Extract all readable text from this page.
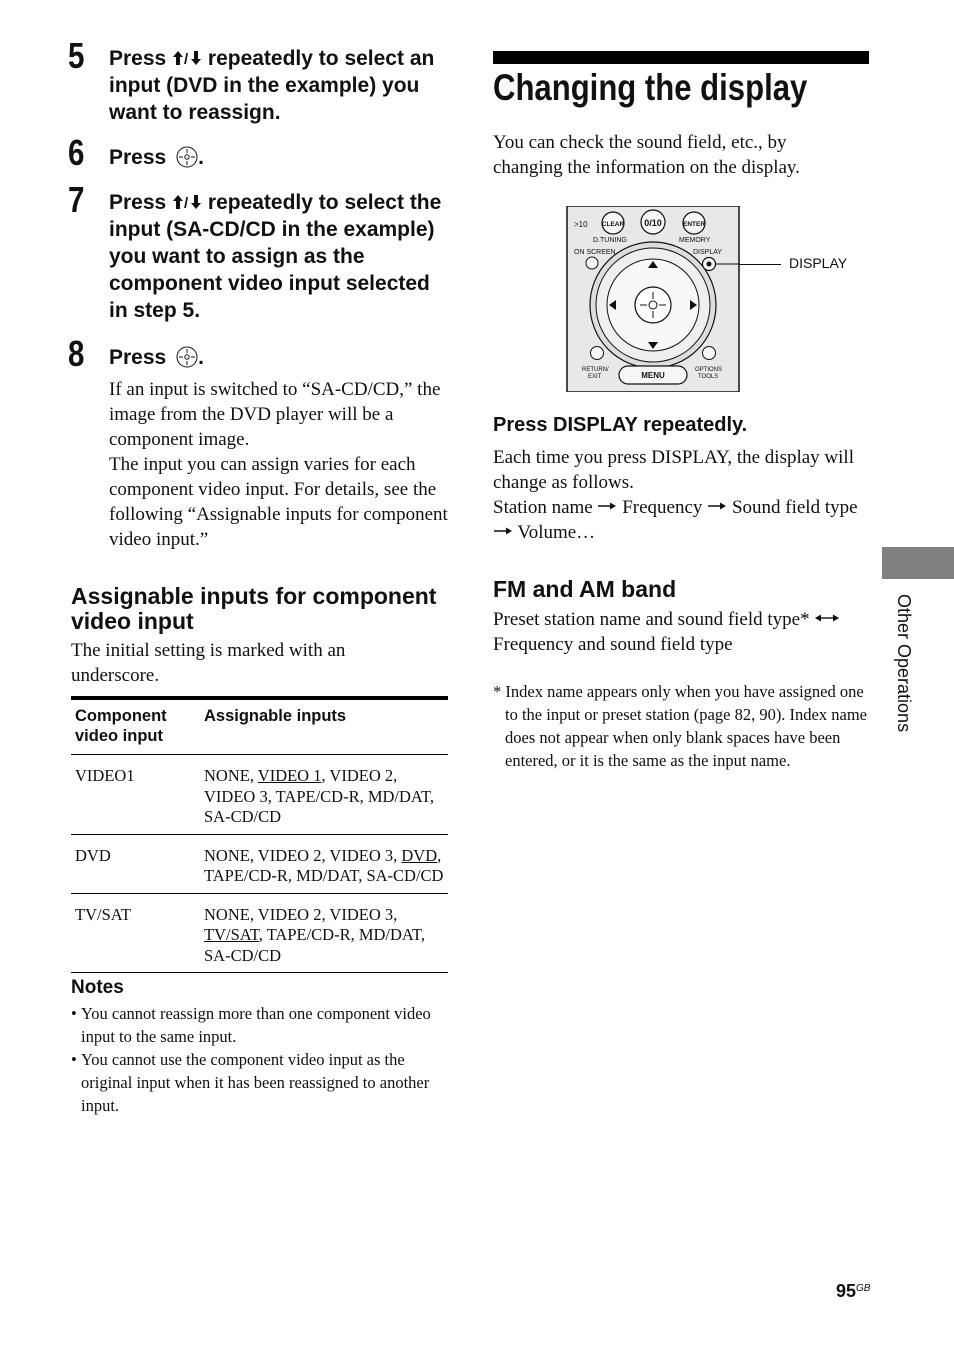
5 Press / repeatedly to select an input (DVD in the example) you want to reassign.
6 Press .
7 Press / repeatedly to select the input (SA-CD/CD in the example) you want to assign as the component video input selected in step 5.
8 Press .
If an input is switched to “SA-CD/CD,” the image from the DVD player will be a component image.
The input you can assign varies for each component video input. For details, see the following “Assignable inputs for component video input.”
Assignable inputs for component video input
The initial setting is marked with an underscore.
Component video input	Assignable inputs
VIDEO1	NONE, VIDEO 1, VIDEO 2, VIDEO 3, TAPE/CD-R, MD/DAT, SA-CD/CD
DVD	NONE, VIDEO 2, VIDEO 3, DVD, TAPE/CD-R, MD/DAT, SA-CD/CD
TV/SAT	NONE, VIDEO 2, VIDEO 3, TV/SAT, TAPE/CD-R, MD/DAT, SA-CD/CD
Notes
• You cannot reassign more than one component video input to the same input.
• You cannot use the component video input as the original input when it has been reassigned to another input.
Changing the display
You can check the sound field, etc., by changing the information on the display.
>10 CLEAR 0/10	ENTER
D.TUNING	MEMORY
ON SCREEN	DISPLAY
RETURN/
EXIT	MENU
OPTIONS
TOOLS
DISPLAY
Press DISPLAY repeatedly.
Each time you press DISPLAY, the display will change as follows.
Station name Frequency Sound field type  Volume…
FM and AM band
Preset station name and sound field type*  Frequency and sound field type
* Index name appears only when you have assigned one to the input or preset station (page 82, 90). Index name does not appear when only blank spaces have been entered, or it is the same as the input name.
Other Operations
$95^{GB}$
